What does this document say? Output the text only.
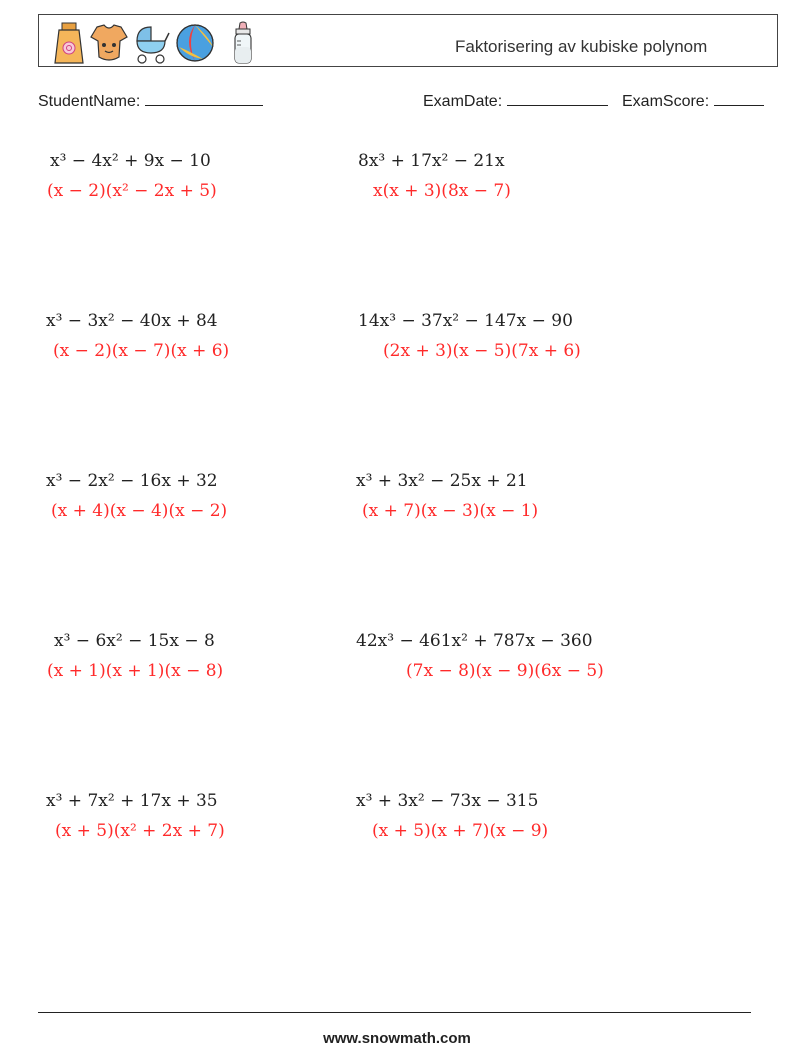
Faktorisering av kubiske polynom
StudentName:	ExamDate:	ExamScore:
x³ − 4x² + 9x − 10
(x − 2)(x² − 2x + 5)
8x³ + 17x² − 21x
x(x + 3)(8x − 7)
x³ − 3x² − 40x + 84
(x − 2)(x − 7)(x + 6)
14x³ − 37x² − 147x − 90
(2x + 3)(x − 5)(7x + 6)
x³ − 2x² − 16x + 32
(x + 4)(x − 4)(x − 2)
x³ + 3x² − 25x + 21
(x + 7)(x − 3)(x − 1)
x³ − 6x² − 15x − 8
(x + 1)(x + 1)(x − 8)
42x³ − 461x² + 787x − 360
(7x − 8)(x − 9)(6x − 5)
x³ + 7x² + 17x + 35
(x + 5)(x² + 2x + 7)
x³ + 3x² − 73x − 315
(x + 5)(x + 7)(x − 9)
www.snowmath.com
